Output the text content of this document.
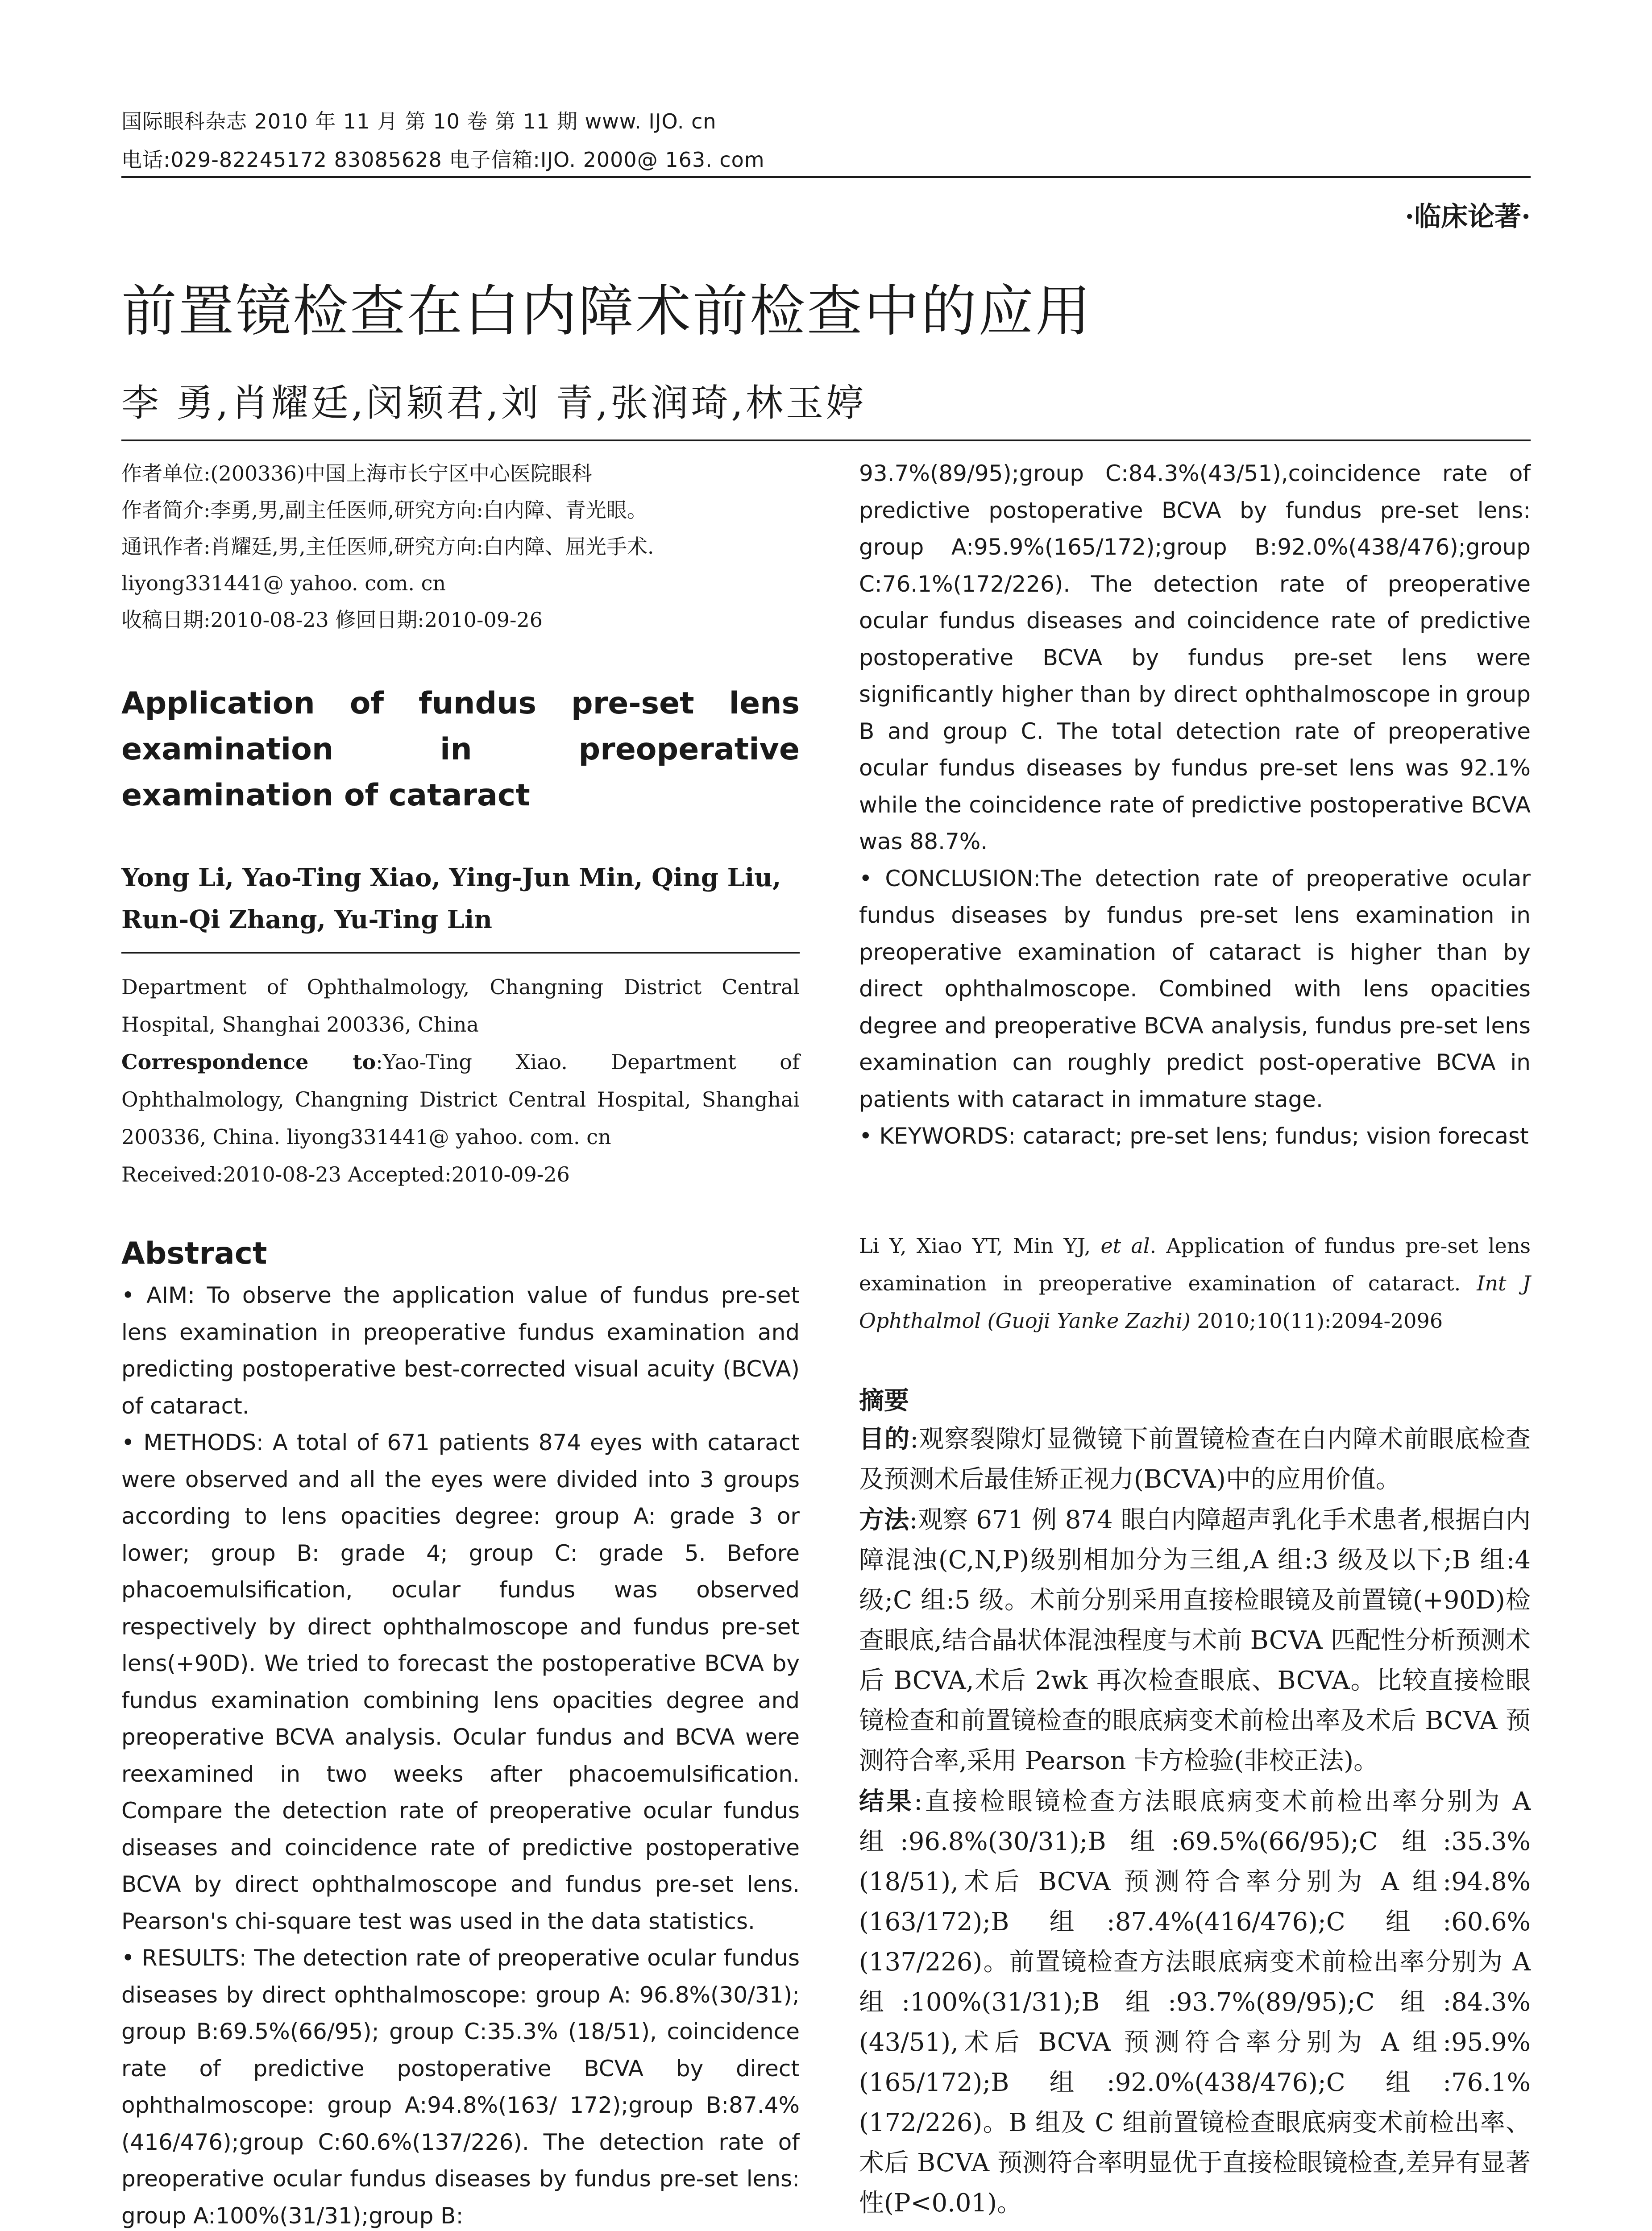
国际眼科杂志 2010 年 11 月 第 10 卷 第 11 期 www. IJO. cn
电话:029-82245172 83085628 电子信箱:IJO. 2000@ 163. com
·临床论著·
前置镜检查在白内障术前检查中的应用
李 勇,肖耀廷,闵颖君,刘 青,张润琦,林玉婷
作者单位:(200336)中国上海市长宁区中心医院眼科
作者简介:李勇,男,副主任医师,研究方向:白内障、青光眼。
通讯作者:肖耀廷,男,主任医师,研究方向:白内障、屈光手术.
liyong331441@ yahoo. com. cn
收稿日期:2010-08-23 修回日期:2010-09-26
Application of fundus pre-set lens examination in preoperative examination of cataract
Yong Li, Yao-Ting Xiao, Ying-Jun Min, Qing Liu, Run-Qi Zhang, Yu-Ting Lin
Department of Ophthalmology, Changning District Central Hospital, Shanghai 200336, China
Correspondence to:Yao-Ting Xiao. Department of Ophthalmology, Changning District Central Hospital, Shanghai 200336, China. liyong331441@ yahoo. com. cn
Received:2010-08-23 Accepted:2010-09-26
Abstract

• AIM: To observe the application value of fundus pre-set lens examination in preoperative fundus examination and predicting postoperative best-corrected visual acuity (BCVA) of cataract.

• METHODS: A total of 671 patients 874 eyes with cataract were observed and all the eyes were divided into 3 groups according to lens opacities degree: group A: grade 3 or lower; group B: grade 4; group C: grade 5. Before phacoemulsification, ocular fundus was observed respectively by direct ophthalmoscope and fundus pre-set lens(+90D). We tried to forecast the postoperative BCVA by fundus examination combining lens opacities degree and preoperative BCVA analysis. Ocular fundus and BCVA were reexamined in two weeks after phacoemulsification. Compare the detection rate of preoperative ocular fundus diseases and coincidence rate of predictive postoperative BCVA by direct ophthalmoscope and fundus pre-set lens. Pearson's chi-square test was used in the data statistics.

• RESULTS: The detection rate of preoperative ocular fundus diseases by direct ophthalmoscope: group A: 96.8%(30/31); group B:69.5%(66/95); group C:35.3% (18/51), coincidence rate of predictive postoperative BCVA by direct ophthalmoscope: group A:94.8%(163/ 172);group B:87.4%(416/476);group C:60.6%(137/226). The detection rate of preoperative ocular fundus diseases by fundus pre-set lens: group A:100%(31/31);group B:

93.7%(89/95);group C:84.3%(43/51),coincidence rate of predictive postoperative BCVA by fundus pre-set lens: group A:95.9%(165/172);group B:92.0%(438/476);group C:76.1%(172/226). The detection rate of preoperative ocular fundus diseases and coincidence rate of predictive postoperative BCVA by fundus pre-set lens were significantly higher than by direct ophthalmoscope in group B and group C. The total detection rate of preoperative ocular fundus diseases by fundus pre-set lens was 92.1% while the coincidence rate of predictive postoperative BCVA was 88.7%.

• CONCLUSION:The detection rate of preoperative ocular fundus diseases by fundus pre-set lens examination in preoperative examination of cataract is higher than by direct ophthalmoscope. Combined with lens opacities degree and preoperative BCVA analysis, fundus pre-set lens examination can roughly predict post-operative BCVA in patients with cataract in immature stage.

• KEYWORDS: cataract; pre-set lens; fundus; vision forecast

Li Y, Xiao YT, Min YJ, et al. Application of fundus pre-set lens examination in preoperative examination of cataract. Int J Ophthalmol (Guoji Yanke Zazhi) 2010;10(11):2094-2096
摘要

目的:观察裂隙灯显微镜下前置镜检查在白内障术前眼底检查及预测术后最佳矫正视力(BCVA)中的应用价值。

方法:观察 671 例 874 眼白内障超声乳化手术患者,根据白内障混浊(C,N,P)级别相加分为三组,A 组:3 级及以下;B 组:4 级;C 组:5 级。术前分别采用直接检眼镜及前置镜(+90D)检查眼底,结合晶状体混浊程度与术前 BCVA 匹配性分析预测术后 BCVA,术后 2wk 再次检查眼底、BCVA。比较直接检眼镜检查和前置镜检查的眼底病变术前检出率及术后 BCVA 预测符合率,采用 Pearson 卡方检验(非校正法)。

结果:直接检眼镜检查方法眼底病变术前检出率分别为 A 组:96.8%(30/31);B 组:69.5%(66/95);C 组:35.3%(18/51),术后 BCVA 预测符合率分别为 A 组:94.8%(163/172);B 组:87.4%(416/476);C 组:60.6%(137/226)。前置镜检查方法眼底病变术前检出率分别为 A 组:100%(31/31);B 组:93.7%(89/95);C 组:84.3%(43/51),术后 BCVA 预测符合率分别为 A 组:95.9%(165/172);B 组:92.0%(438/476);C 组:76.1%(172/226)。B 组及 C 组前置镜检查眼底病变术前检出率、术后 BCVA 预测符合率明显优于直接检眼镜检查,差异有显著性(P<0.01)。
